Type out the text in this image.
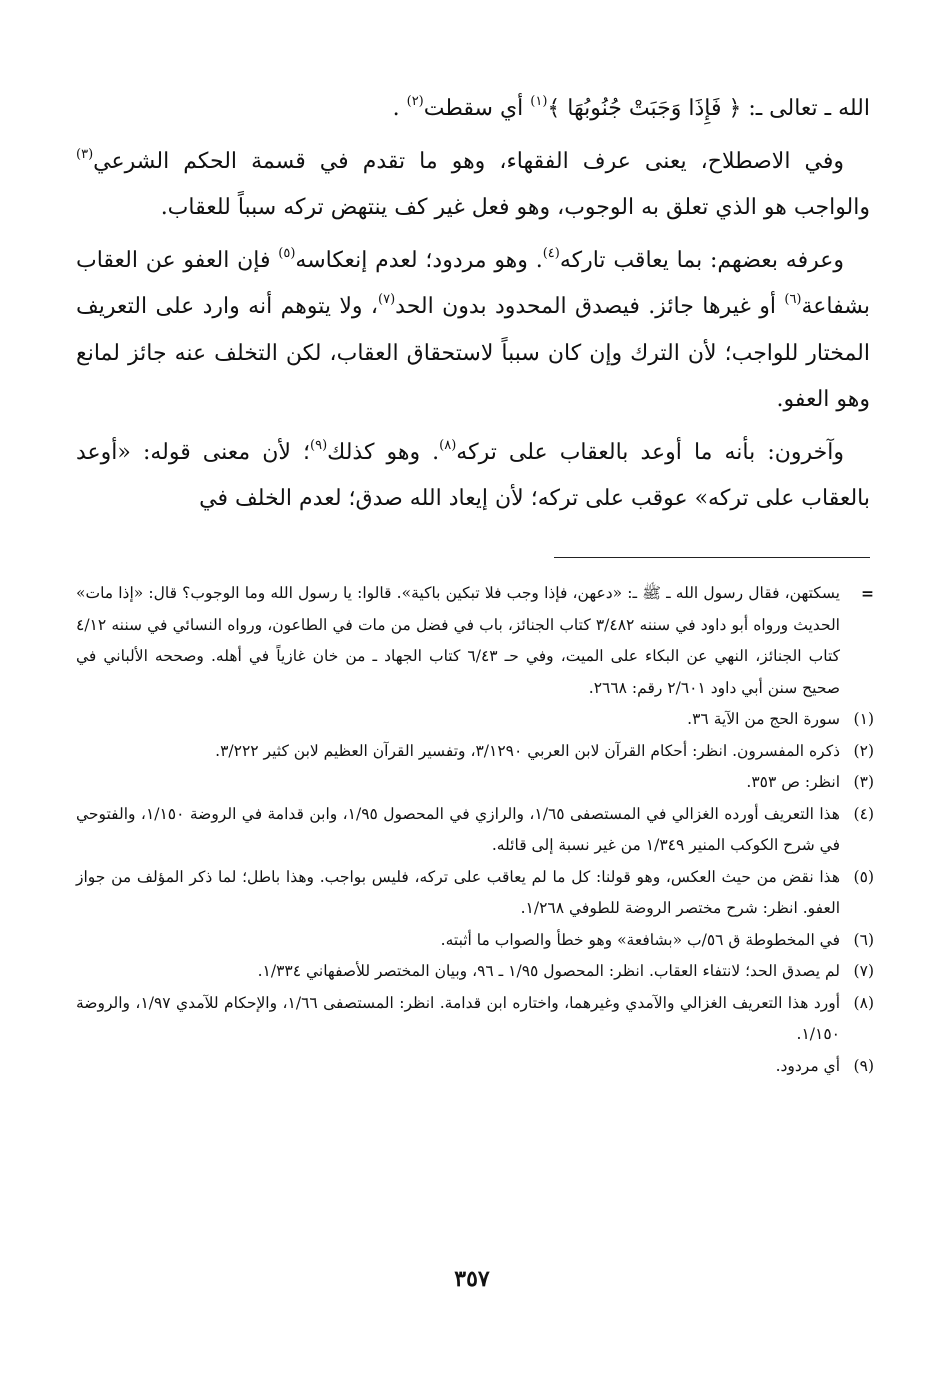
الله ـ تعالى ـ: ﴿ فَإِذَا وَجَبَتْ جُنُوبُهَا ﴾$^{(١)}$ أي سقطت$^{(٢)}$ .

وفي الاصطلاح، يعنى عرف الفقهاء، وهو ما تقدم في قسمة الحكم الشرعي$^{(٣)}$ والواجب هو الذي تعلق به الوجوب، وهو فعل غير كف ينتهض تركه سبباً للعقاب.

وعرفه بعضهم: بما يعاقب تاركه$^{(٤)}$. وهو مردود؛ لعدم إنعكاسه$^{(٥)}$ فإن العفو عن العقاب بشفاعة$^{(٦)}$ أو غيرها جائز. فيصدق المحدود بدون الحد$^{(٧)}$، ولا يتوهم أنه وارد على التعريف المختار للواجب؛ لأن الترك وإن كان سبباً لاستحقاق العقاب، لكن التخلف عنه جائز لمانع وهو العفو.

وآخرون: بأنه ما أوعد بالعقاب على تركه$^{(٨)}$. وهو كذلك$^{(٩)}$؛ لأن معنى قوله: «أوعد بالعقاب على تركه» عوقب على تركه؛ لأن إيعاد الله صدق؛ لعدم الخلف في

=
يسكتهن، فقال رسول الله ـ ﷺ ـ: «دعهن، فإذا وجب فلا تبكين باكية». قالوا: يا رسول الله وما الوجوب؟ قال: «إذا مات» الحديث ورواه أبو داود في سننه ٣/٤٨٢ كتاب الجنائز، باب في فضل من مات في الطاعون، ورواه النسائي في سننه ٤/١٢ كتاب الجنائز، النهي عن البكاء على الميت، وفي حـ ٦/٤٣ كتاب الجهاد ـ من خان غازياً في أهله. وصححه الألباني في صحيح سنن أبي داود ٢/٦٠١ رقم: ٢٦٦٨.

(١)
سورة الحج من الآية ٣٦.

(٢)
ذكره المفسرون. انظر: أحكام القرآن لابن العربي ٣/١٢٩٠، وتفسير القرآن العظيم لابن كثير ٣/٢٢٢.

(٣)
انظر: ص ٣٥٣.

(٤)
هذا التعريف أورده الغزالي في المستصفى ١/٦٥، والرازي في المحصول ١/٩٥، وابن قدامة في الروضة ١/١٥٠، والفتوحي في شرح الكوكب المنير ١/٣٤٩ من غير نسبة إلى قائله.

(٥)
هذا نقض من حيث العكس، وهو قولنا: كل ما لم يعاقب على تركه، فليس بواجب. وهذا باطل؛ لما ذكر المؤلف من جواز العفو. انظر: شرح مختصر الروضة للطوفي ١/٢٦٨.

(٦)
في المخطوطة ق ٥٦/ب «بشافعة» وهو خطأ والصواب ما أثبته.

(٧)
لم يصدق الحد؛ لانتفاء العقاب. انظر: المحصول ١/٩٥ ـ ٩٦، وبيان المختصر للأصفهاني ١/٣٣٤.

(٨)
أورد هذا التعريف الغزالي والآمدي وغيرهما، واختاره ابن قدامة. انظر: المستصفى ١/٦٦، والإحكام للآمدي ١/٩٧، والروضة ١/١٥٠.

(٩)
أي مردود.

٣٥٧
